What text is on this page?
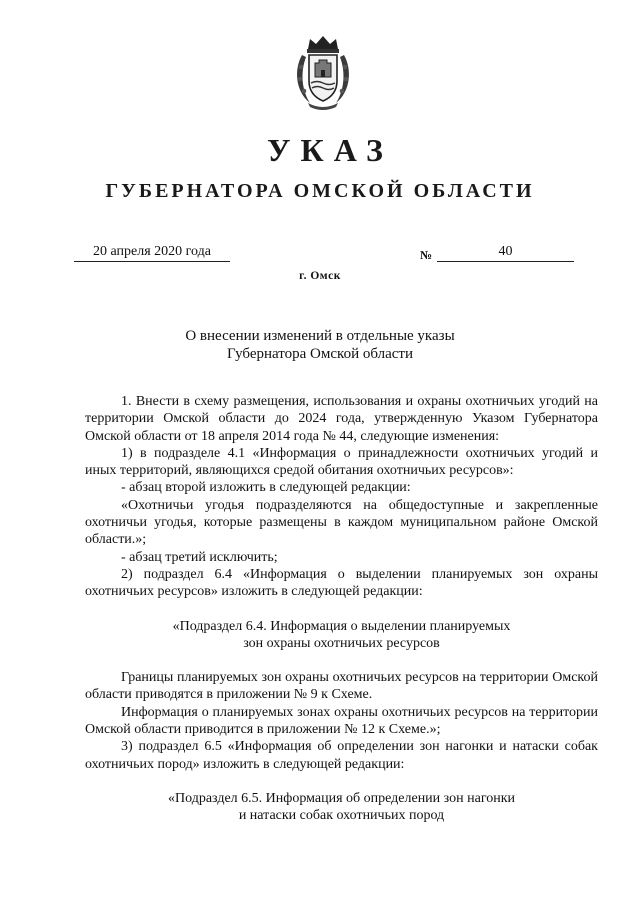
УКАЗ
ГУБЕРНАТОРА ОМСКОЙ ОБЛАСТИ
20 апреля 2020 года	№	40
г. Омск
О внесении изменений в отдельные указы
Губернатора Омской области

1. Внести в схему размещения, использования и охраны охотничьих угодий на территории Омской области до 2024 года, утвержденную Указом Губернатора Омской области от 18 апреля 2014 года № 44, следующие изменения:

1) в подразделе 4.1 «Информация о принадлежности охотничьих угодий и иных территорий, являющихся средой обитания охотничьих ресурсов»:

- абзац второй изложить в следующей редакции:

«Охотничьи угодья подразделяются на общедоступные и закрепленные охотничьи угодья, которые размещены в каждом муниципальном районе Омской области.»;

- абзац третий исключить;

2) подраздел 6.4 «Информация о выделении планируемых зон охраны охотничьих ресурсов» изложить в следующей редакции:

«Подраздел 6.4. Информация о выделении планируемых

зон охраны охотничьих ресурсов

Границы планируемых зон охраны охотничьих ресурсов на территории Омской области приводятся в приложении № 9 к Схеме.

Информация о планируемых зонах охраны охотничьих ресурсов на территории Омской области приводится в приложении № 12 к Схеме.»;

3) подраздел 6.5 «Информация об определении зон нагонки и натаски собак охотничьих пород» изложить в следующей редакции:

«Подраздел 6.5. Информация об определении зон нагонки

и натаски собак охотничьих пород
